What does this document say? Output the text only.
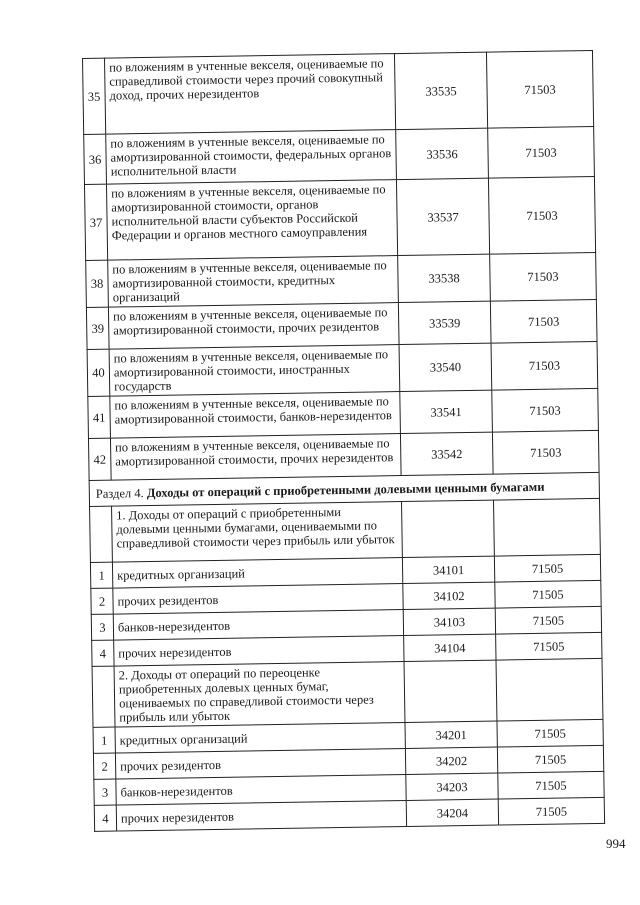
35	по вложениям в учтенные векселя, оцениваемые по справедливой стоимости через прочий совокупный доход, прочих нерезидентов	33535	71503
36	по вложениям в учтенные векселя, оцениваемые по амортизированной стоимости, федеральных органов исполнительной власти	33536	71503
37	по вложениям в учтенные векселя, оцениваемые по амортизированной стоимости, органов исполнительной власти субъектов Российской Федерации и органов местного самоуправления	33537	71503
38	по вложениям в учтенные векселя, оцениваемые по амортизированной стоимости, кредитных организаций	33538	71503
39	по вложениям в учтенные векселя, оцениваемые по амортизированной стоимости, прочих резидентов	33539	71503
40	по вложениям в учтенные векселя, оцениваемые по амортизированной стоимости, иностранных государств	33540	71503
41	по вложениям в учтенные векселя, оцениваемые по амортизированной стоимости, банков-нерезидентов	33541	71503
42	по вложениям в учтенные векселя, оцениваемые по амортизированной стоимости, прочих нерезидентов	33542	71503
Раздел 4. Доходы от операций с приобретенными долевыми ценными бумагами			
	1. Доходы от операций с приобретенными долевыми ценными бумагами, оцениваемыми по справедливой стоимости через прибыль или убыток		
1	кредитных организаций	34101	71505
2	прочих резидентов	34102	71505
3	банков-нерезидентов	34103	71505
4	прочих нерезидентов	34104	71505
	2. Доходы от операций по переоценке приобретенных долевых ценных бумаг, оцениваемых по справедливой стоимости через прибыль или убыток		
1	кредитных организаций	34201	71505
2	прочих резидентов	34202	71505
3	банков-нерезидентов	34203	71505
4	прочих нерезидентов	34204	71505
994
